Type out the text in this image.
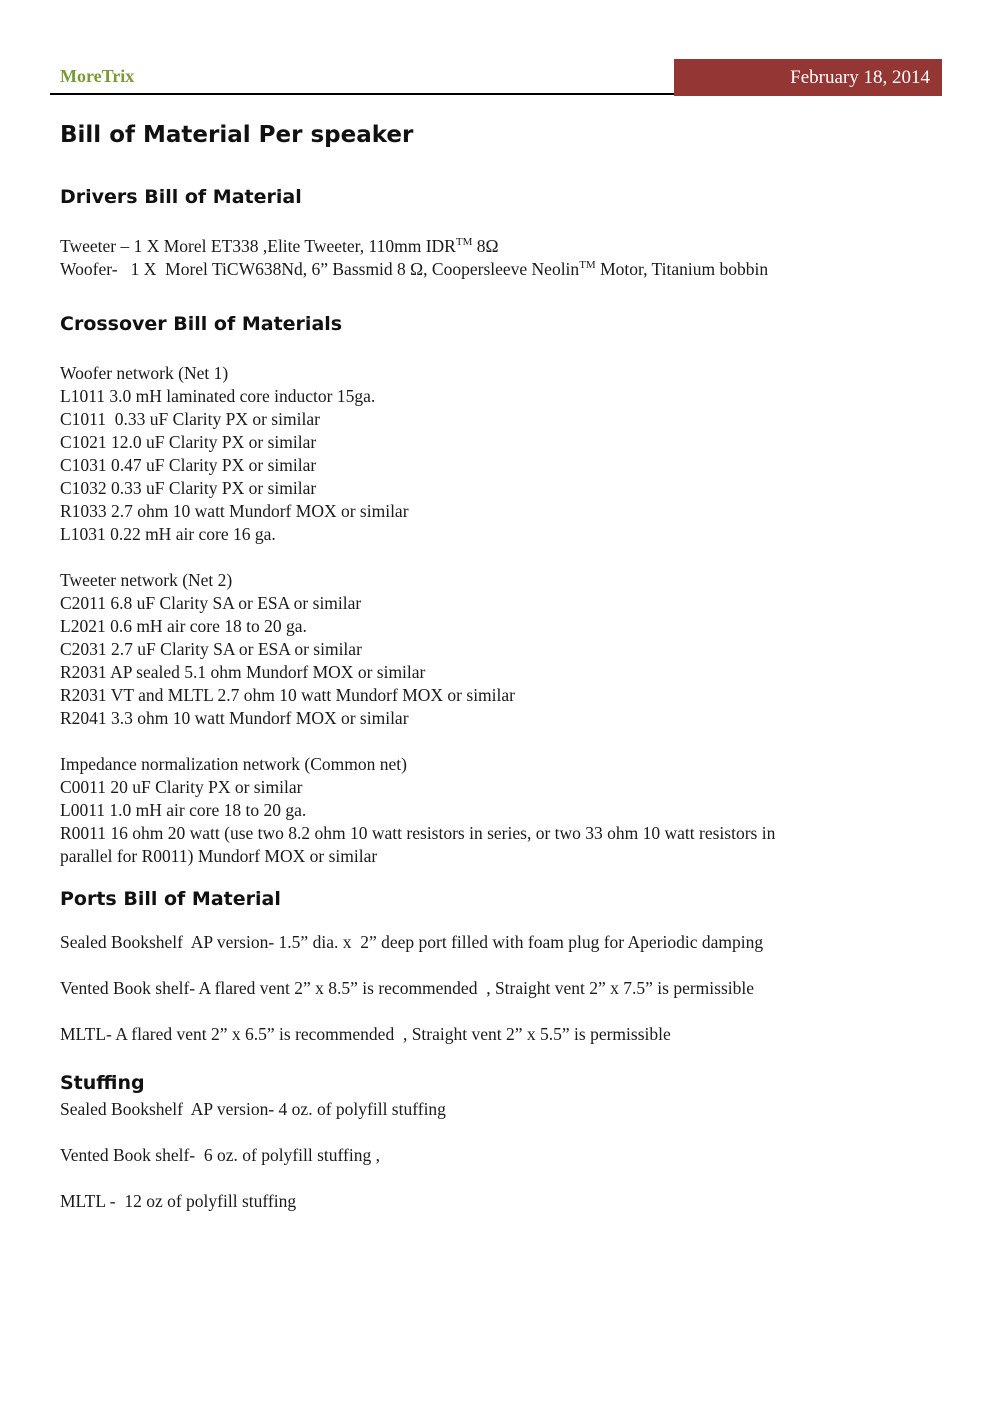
MoreTrix	February 18, 2014
Bill of Material Per speaker
Drivers Bill of Material

Tweeter – 1 X Morel ET338 ,Elite Tweeter, 110mm IDR™ 8Ω

Woofer-   1 X  Morel TiCW638Nd, 6” Bassmid 8 Ω, Coopersleeve Neolin™ Motor, Titanium bobbin

Crossover Bill of Materials

Woofer network (Net 1)

L1011 3.0 mH laminated core inductor 15ga.

C1011  0.33 uF Clarity PX or similar

C1021 12.0 uF Clarity PX or similar

C1031 0.47 uF Clarity PX or similar

C1032 0.33 uF Clarity PX or similar

R1033 2.7 ohm 10 watt Mundorf MOX or similar

L1031 0.22 mH air core 16 ga.

Tweeter network (Net 2)

C2011 6.8 uF Clarity SA or ESA or similar

L2021 0.6 mH air core 18 to 20 ga.

C2031 2.7 uF Clarity SA or ESA or similar

R2031 AP sealed 5.1 ohm Mundorf MOX or similar

R2031 VT and MLTL 2.7 ohm 10 watt Mundorf MOX or similar

R2041 3.3 ohm 10 watt Mundorf MOX or similar

Impedance normalization network (Common net)

C0011 20 uF Clarity PX or similar

L0011 1.0 mH air core 18 to 20 ga.

R0011 16 ohm 20 watt (use two 8.2 ohm 10 watt resistors in series, or two 33 ohm 10 watt resistors in

parallel for R0011) Mundorf MOX or similar

Ports Bill of Material

Sealed Bookshelf  AP version- 1.5” dia. x  2” deep port filled with foam plug for Aperiodic damping

Vented Book shelf- A flared vent 2” x 8.5” is recommended  , Straight vent 2” x 7.5” is permissible

MLTL- A flared vent 2” x 6.5” is recommended  , Straight vent 2” x 5.5” is permissible

Stuffing

Sealed Bookshelf  AP version- 4 oz. of polyfill stuffing

Vented Book shelf-  6 oz. of polyfill stuffing ,

MLTL -  12 oz of polyfill stuffing
